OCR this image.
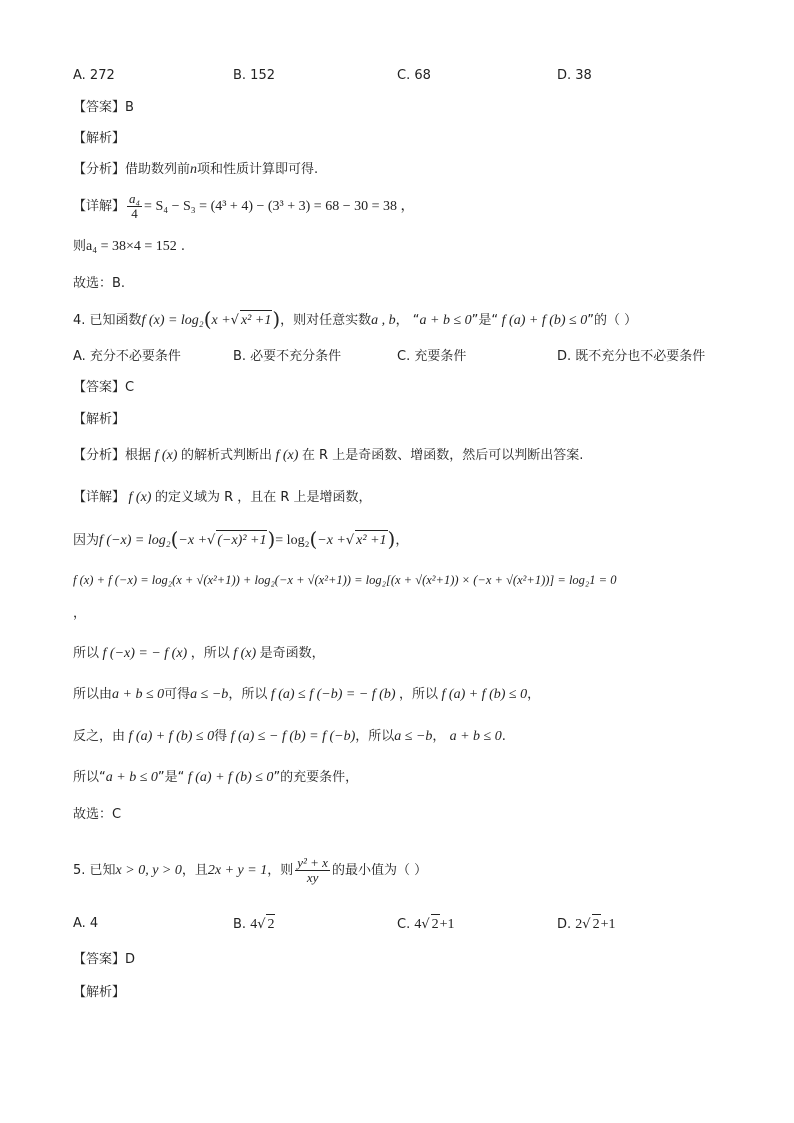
A. 272	B. 152	C. 68	D. 38
【答案】B
【解析】
【分析】借助数列前n项和性质计算即可得.
【详解】 $\frac{\text{a₄}}{4} = S_4 - S_3 = (4^3 + 4) - (3^3 + 3) = 68 - 30 = 38$ ，
则a₄ = 38×4 = 152 .
故选：B.
4. 已知函数f (x) = log₂(x +√ x² +1)，则对任意实数a , b， “a + b ≤ 0”是“ f (a) + f (b) ≤ 0”的（ ）
A. 充分不必要条件	B. 必要不充分条件	C. 充要条件	D. 既不充分也不必要条件
【答案】C
【解析】
【分析】根据 f (x) 的解析式判断出 f (x) 在 R 上是奇函数、增函数，然后可以判断出答案.
【详解】 f (x) 的定义域为 R ，且在 R 上是增函数，
因为f (−x) = log₂(−x +√ (−x)² +1)= log₂(−x +√ x² +1)，
f (x) + f (−x) = log₂(x + √(x²+1)) + log₂(−x + √(x²+1)) = log₂[(x + √(x²+1)) × (−x + √(x²+1))] = log₂1 = 0
，
所以 f (−x) = − f (x) ，所以 f (x) 是奇函数，
所以由a + b ≤ 0可得a ≤ −b，所以 f (a) ≤ f (−b) = − f (b) ，所以 f (a) + f (b) ≤ 0，
反之，由 f (a) + f (b) ≤ 0得 f (a) ≤ − f (b) = f (−b)，所以a ≤ −b， a + b ≤ 0.
所以“a + b ≤ 0”是“ f (a) + f (b) ≤ 0”的充要条件，
故选：C
5. 已知x > 0, y > 0，且2x + y = 1，则 $\frac{\text{y² + x}}{xy}$ 的最小值为（ ）
A. 4	B. 4√ 2	C. 4√ 2+1	D. 2√ 2+1
【答案】D
【解析】
